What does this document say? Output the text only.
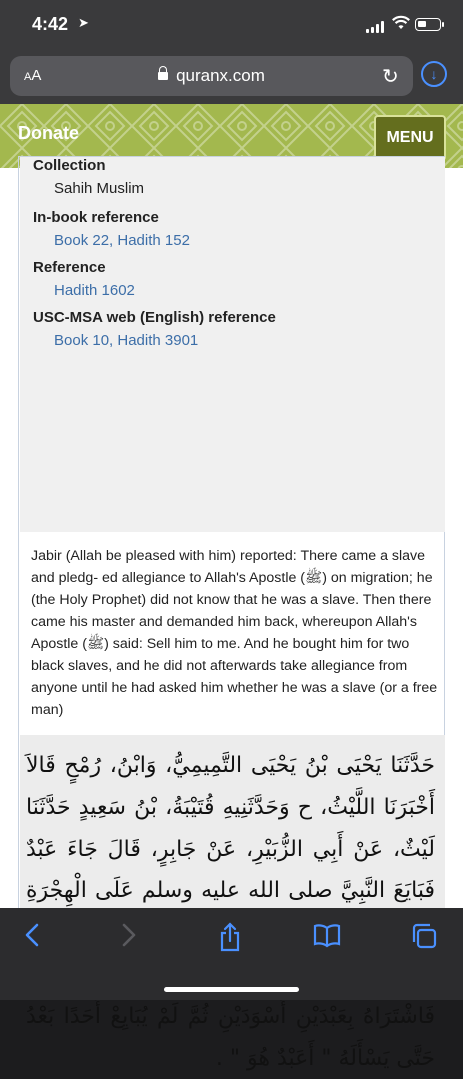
4:42 ➤
AA	quranx.com	↻	↓
Donate	MENU
Collection
Sahih Muslim
In-book reference
Book 22, Hadith 152
Reference
Hadith 1602
USC-MSA web (English) reference
Book 10, Hadith 3901
Jabir (Allah be pleased with him) reported: There came a slave and pledg- ed allegiance to Allah's Apostle (ﷺ) on migration; he (the Holy Prophet) did not know that he was a slave. Then there came his master and demanded him back, whereupon Allah's Apostle (ﷺ) said: Sell him to me. And he bought him for two black slaves, and he did not afterwards take allegiance from anyone until he had asked him whether he was a slave (or a free man)
حَدَّثَنَا يَحْيَى بْنُ يَحْيَى التَّمِيمِيُّ، وَابْنُ، رُمْحٍ قَالاَ أَخْبَرَنَا اللَّيْثُ، ح وَحَدَّثَنِيهِ قُتَيْبَةُ، بْنُ سَعِيدٍ حَدَّثَنَا لَيْثٌ، عَنْ أَبِي الزُّبَيْرِ، عَنْ جَابِرٍ، قَالَ جَاءَ عَبْدٌ فَبَايَعَ النَّبِيَّ صلى الله عليه وسلم عَلَى الْهِجْرَةِ فَاشْتَرَاهُ بِعَبْدَيْنِ أَسْوَدَيْنِ ثُمَّ لَمْ يُبَايِعْ أَحَدًا بَعْدُ حَتَّى يَسْأَلَهُ " أَعَبْدٌ هُوَ " .
